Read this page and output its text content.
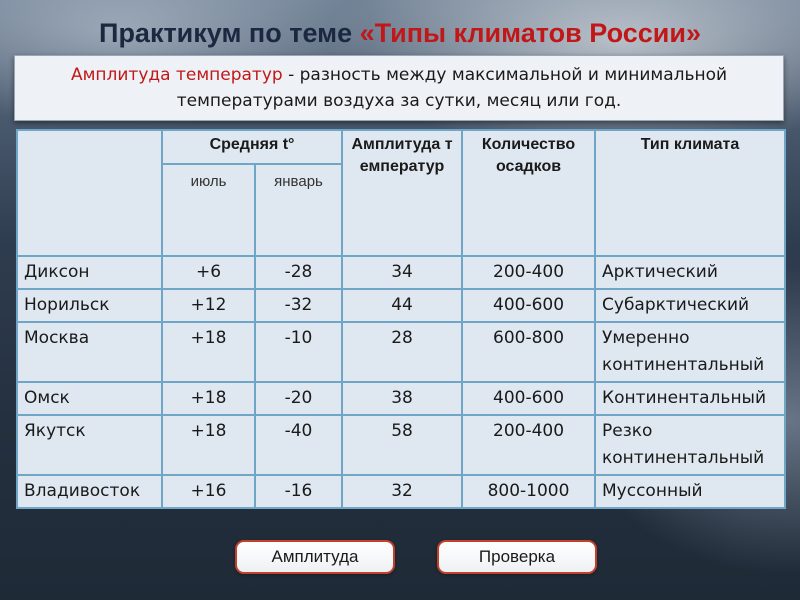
Практикум по теме «Типы климатов России»
Амплитуда температур - разность между максимальной и минимальной
температурами воздуха за сутки, месяц или год.
	Средняя t°		Амплитуда температур	Количество осадков	Тип климата
	июль	январь			
Диксон	+6	-28	34	200-400	Арктический
Норильск	+12	-32	44	400-600	Субарктический
Москва	+18	-10	28	600-800	Умеренно континентальный
Омск	+18	-20	38	400-600	Континентальный
Якутск	+18	-40	58	200-400	Резко континентальный
Владивосток	+16	-16	32	800-1000	Муссонный
Амплитуда	Проверка
